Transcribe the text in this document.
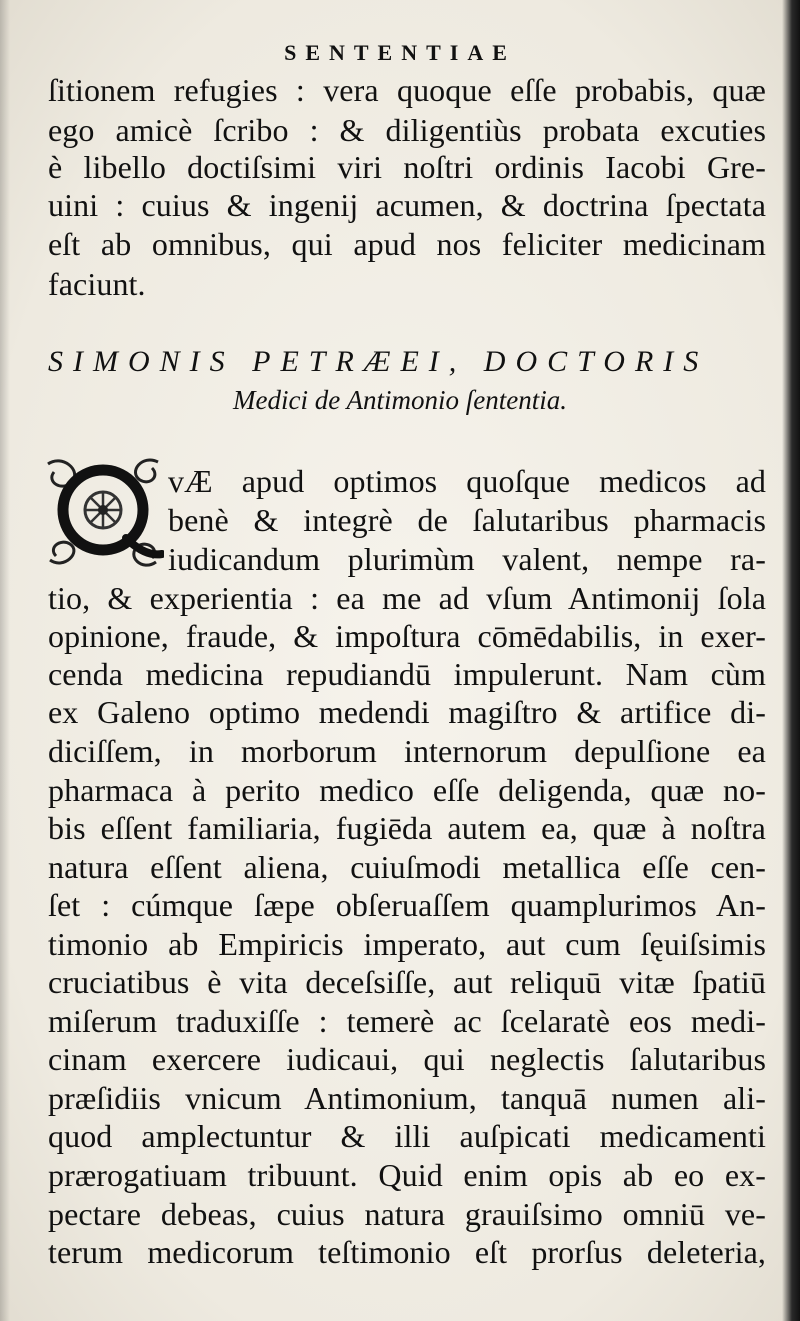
SENTENTIAE
ſitionem refugies : vera quoque eſſe probabis, quæ
ego amicè ſcribo : & diligentiùs probata excuties
è libello doctiſsimi viri noſtri ordinis Iacobi Gre-
uini : cuius & ingenij acumen, & doctrina ſpectata
eſt ab omnibus, qui apud nos feliciter medicinam
faciunt.
SIMONIS PETRÆEI, DOCTORIS
Medici de Antimonio ſententia.
vÆ apud optimos quoſque medicos ad
benè & integrè de ſalutaribus pharmacis
iudicandum plurimùm valent, nempe ra-
tio, & experientia : ea me ad vſum Antimonij ſola
opinione, fraude, & impoſtura cōmēdabilis, in exer-
cenda medicina repudiandū impulerunt. Nam cùm
ex Galeno optimo medendi magiſtro & artifice di-
diciſſem, in morborum internorum depulſione ea
pharmaca à perito medico eſſe deligenda, quæ no-
bis eſſent familiaria, fugiēda autem ea, quæ à noſtra
natura eſſent aliena, cuiuſmodi metallica eſſe cen-
ſet : cúmque ſæpe obſeruaſſem quamplurimos An-
timonio ab Empiricis imperato, aut cum ſęuiſsimis
cruciatibus è vita deceſsiſſe, aut reliquū vitæ ſpatiū
miſerum traduxiſſe : temerè ac ſcelaratè eos medi-
cinam exercere iudicaui, qui neglectis ſalutaribus
præſidiis vnicum Antimonium, tanquā numen ali-
quod amplectuntur & illi auſpicati medicamenti
prærogatiuam tribuunt. Quid enim opis ab eo ex-
pectare debeas, cuius natura grauiſsimo omniū ve-
terum medicorum teſtimonio eſt prorſus deleteria,
